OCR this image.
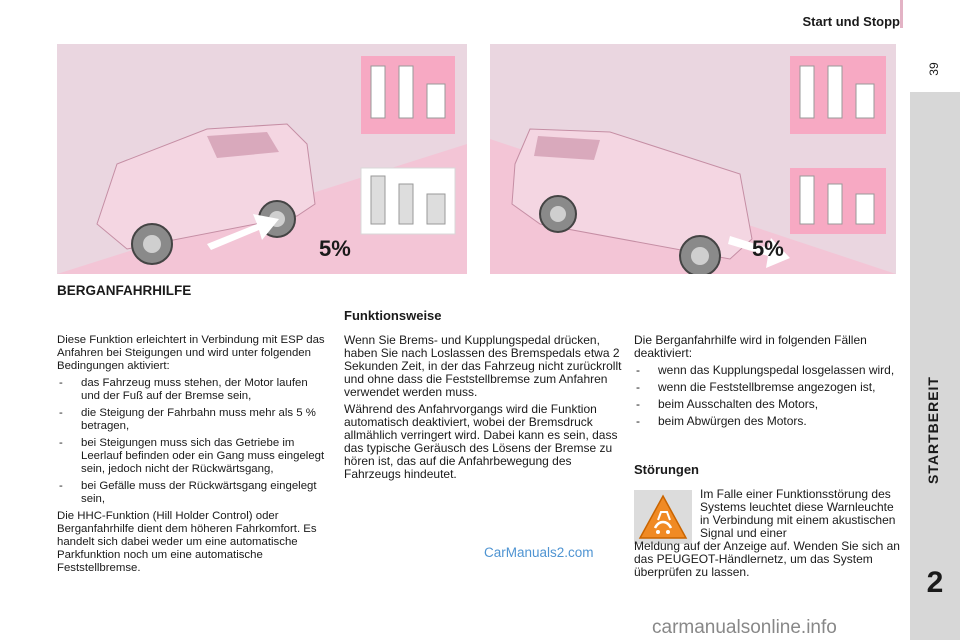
Start und Stopp
39
STARTBEREIT
2
5%	5%
BERGANFAHRHILFE
Funktionsweise

Diese Funktion erleichtert in Verbindung mit ESP das Anfahren bei Steigungen und wird unter folgenden Bedingungen aktiviert:

- das Fahrzeug muss stehen, der Motor laufen und der Fuß auf der Bremse sein,
- die Steigung der Fahrbahn muss mehr als 5 % betragen,
- bei Steigungen muss sich das Getriebe im Leerlauf befinden oder ein Gang muss eingelegt sein, jedoch nicht der Rückwärtsgang,
- bei Gefälle muss der Rückwärtsgang eingelegt sein,

Die HHC-Funktion (Hill Holder Control) oder Berganfahrhilfe dient dem höheren Fahrkomfort. Es handelt sich dabei weder um eine automatische Parkfunktion noch um eine automatische Feststellbremse.

Wenn Sie Brems- und Kupplungspedal drücken, haben Sie nach Loslassen des Bremspedals etwa 2 Sekunden Zeit, in der das Fahrzeug nicht zurückrollt und ohne dass die Feststellbremse zum Anfahren verwendet werden muss.

Während des Anfahrvorgangs wird die Funktion automatisch deaktiviert, wobei der Bremsdruck allmählich verringert wird. Dabei kann es sein, dass das typische Geräusch des Lösens der Bremse zu hören ist, das auf die Anfahrbewegung des Fahrzeugs hindeutet.

Die Berganfahrhilfe wird in folgenden Fällen deaktiviert:

- wenn das Kupplungspedal losgelassen wird,
- wenn die Feststellbremse angezogen ist,
- beim Ausschalten des Motors,
- beim Abwürgen des Motors.
Störungen
Im Falle einer Funktionsstörung des Systems leuchtet diese Warnleuchte in Verbindung mit einem akustischen Signal und einer
Meldung auf der Anzeige auf. Wenden Sie sich an das PEUGEOT-Händlernetz, um das System überprüfen zu lassen.
CarManuals2.com
carmanualsonline.info
